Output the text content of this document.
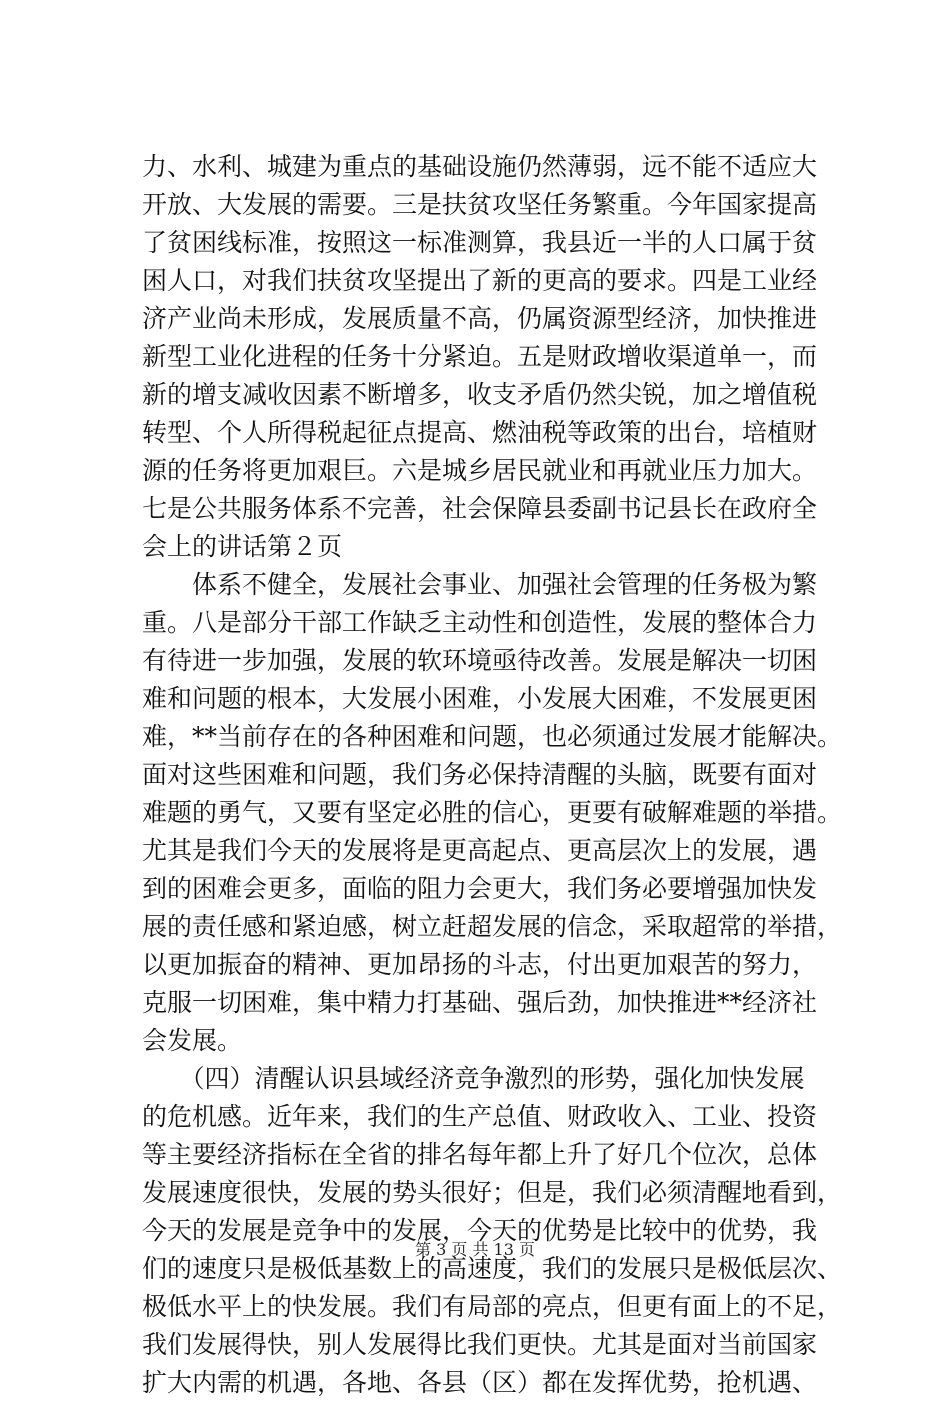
力、水利、城建为重点的基础设施仍然薄弱，远不能不适应大
开放、大发展的需要。三是扶贫攻坚任务繁重。今年国家提高
了贫困线标准，按照这一标准测算，我县近一半的人口属于贫
困人口，对我们扶贫攻坚提出了新的更高的要求。四是工业经
济产业尚未形成，发展质量不高，仍属资源型经济，加快推进
新型工业化进程的任务十分紧迫。五是财政增收渠道单一，而
新的增支减收因素不断增多，收支矛盾仍然尖锐，加之增值税
转型、个人所得税起征点提高、燃油税等政策的出台，培植财
源的任务将更加艰巨。六是城乡居民就业和再就业压力加大。
七是公共服务体系不完善，社会保障县委副书记县长在政府全
会上的讲话第２页
　　体系不健全，发展社会事业、加强社会管理的任务极为繁
重。八是部分干部工作缺乏主动性和创造性，发展的整体合力
有待进一步加强，发展的软环境亟待改善。发展是解决一切困
难和问题的根本，大发展小困难，小发展大困难，不发展更困
难，**当前存在的各种困难和问题，也必须通过发展才能解决。
面对这些困难和问题，我们务必保持清醒的头脑，既要有面对
难题的勇气，又要有坚定必胜的信心，更要有破解难题的举措。
尤其是我们今天的发展将是更高起点、更高层次上的发展，遇
到的困难会更多，面临的阻力会更大，我们务必要增强加快发
展的责任感和紧迫感，树立赶超发展的信念，采取超常的举措，
以更加振奋的精神、更加昂扬的斗志，付出更加艰苦的努力，
克服一切困难，集中精力打基础、强后劲，加快推进**经济社
会发展。
　　（四）清醒认识县域经济竞争激烈的形势，强化加快发展
的危机感。近年来，我们的生产总值、财政收入、工业、投资
等主要经济指标在全省的排名每年都上升了好几个位次，总体
发展速度很快，发展的势头很好；但是，我们必须清醒地看到，
今天的发展是竞争中的发展，今天的优势是比较中的优势，我
们的速度只是极低基数上的高速度，我们的发展只是极低层次、
极低水平上的快发展。我们有局部的亮点，但更有面上的不足，
我们发展得快，别人发展得比我们更快。尤其是面对当前国家
扩大内需的机遇，各地、各县（区）都在发挥优势，抢机遇、
第 3 页 共 13 页
